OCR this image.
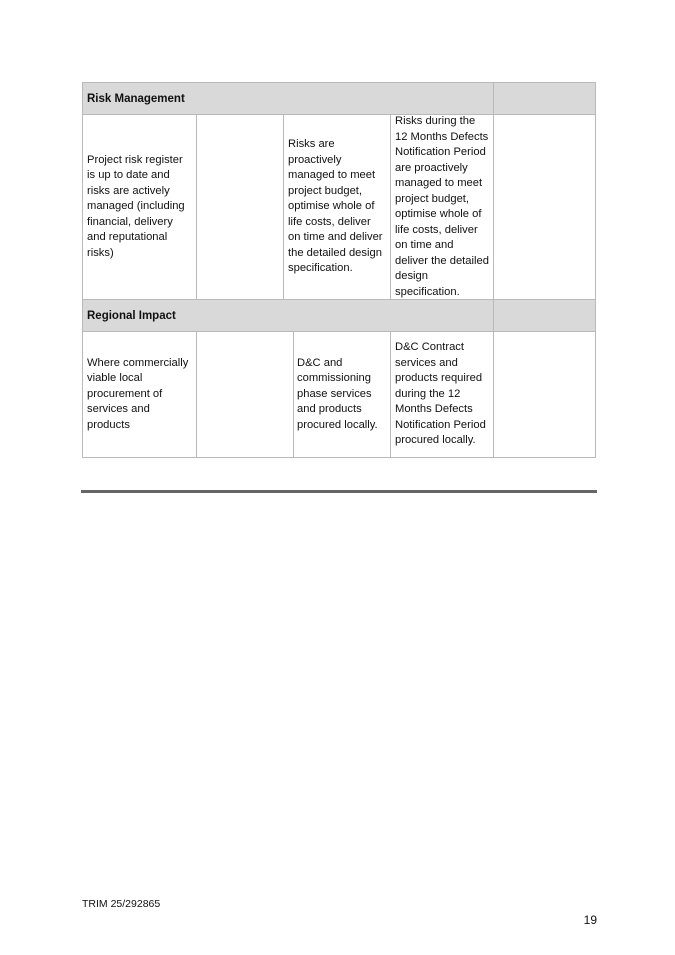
Risk Management
Project risk register is up to date and risks are actively managed (including financial, delivery and reputational risks)
Risks are proactively managed to meet project budget, optimise whole of life costs, deliver on time and deliver the detailed design specification.
Risks during the 12 Months Defects Notification Period are proactively managed to meet project budget, optimise whole of life costs, deliver on time and deliver the detailed design specification.
Regional Impact
Where commercially viable local procurement of services and products
D&C and commissioning phase services and products procured locally.
D&C Contract services and products required during the 12 Months Defects Notification Period procured locally.
TRIM 25/292865
19
